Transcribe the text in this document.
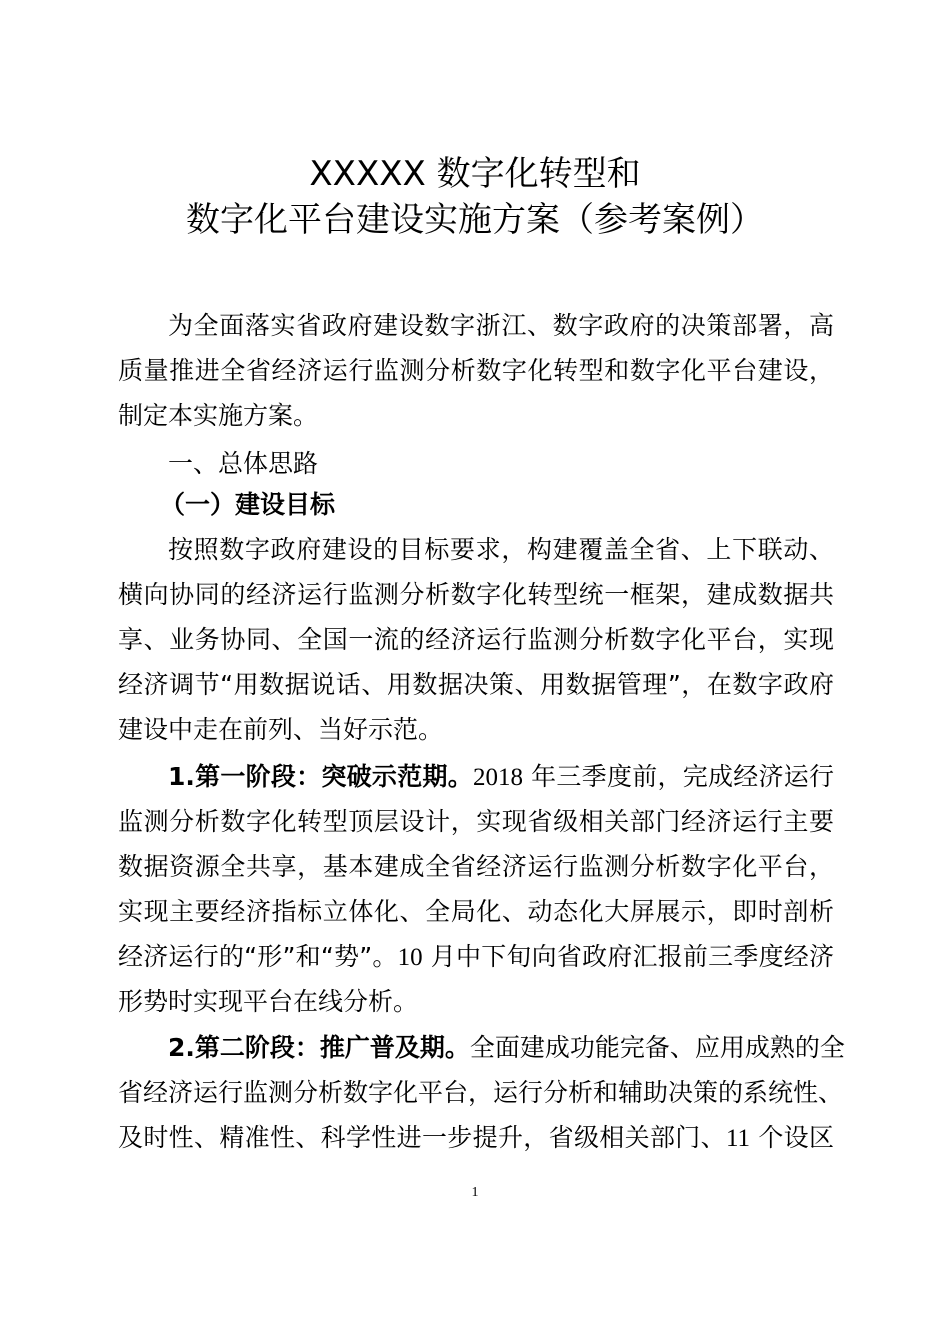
XXXXX 数字化转型和
数字化平台建设实施方案（参考案例）
为全面落实省政府建设数字浙江、数字政府的决策部署，高
质量推进全省经济运行监测分析数字化转型和数字化平台建设，
制定本实施方案。
一、总体思路
（一）建设目标
按照数字政府建设的目标要求，构建覆盖全省、上下联动、
横向协同的经济运行监测分析数字化转型统一框架，建成数据共
享、业务协同、全国一流的经济运行监测分析数字化平台，实现
经济调节“用数据说话、用数据决策、用数据管理”，在数字政府
建设中走在前列、当好示范。
1.第一阶段：突破示范期。2018 年三季度前，完成经济运行
监测分析数字化转型顶层设计，实现省级相关部门经济运行主要
数据资源全共享，基本建成全省经济运行监测分析数字化平台，
实现主要经济指标立体化、全局化、动态化大屏展示，即时剖析
经济运行的“形”和“势”。10 月中下旬向省政府汇报前三季度经济
形势时实现平台在线分析。
2.第二阶段：推广普及期。全面建成功能完备、应用成熟的全
省经济运行监测分析数字化平台，运行分析和辅助决策的系统性、
及时性、精准性、科学性进一步提升，省级相关部门、11 个设区
1
